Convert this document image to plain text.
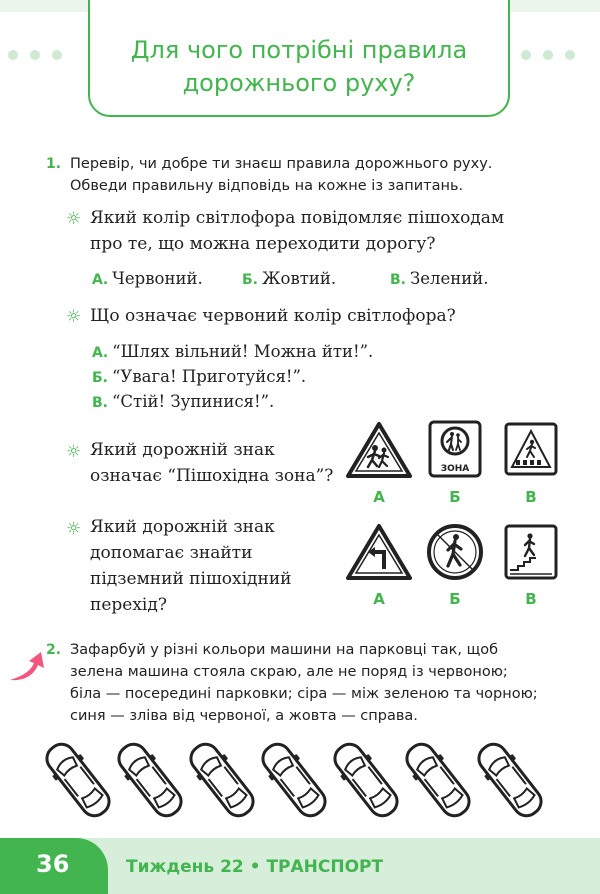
Для чого потрібні правила
дорожнього руху?
1. Перевір, чи добре ти знаєш правила дорожнього руху.
Обведи правильну відповідь на кожне із запитань.
☼ Який колір світлофора повідомляє пішоходам
про те, що можна переходити дорогу?
А. Червоний.	Б. Жовтий.	В. Зелений.
☼ Що означає червоний колір світлофора?
А. “Шлях вільний! Можна йти!”.
Б. “Увага! Приготуйся!”.
В. “Стій! Зупинися!”.
☼ Який дорожній знак
означає “Пішохідна зона”?	ЗОНА
А	Б	В
☼ Який дорожній знак
допомагає знайти
підземний пішохідний
перехід?	А	Б	В
2. Зафарбуй у різні кольори машини на парковці так, щоб
зелена машина стояла скраю, але не поряд із червоною;
біла — посередині парковки; сіра — між зеленою та чорною;
синя — зліва від червоної, а жовта — справа.
36	Тиждень 22 • ТРАНСПОРТ
